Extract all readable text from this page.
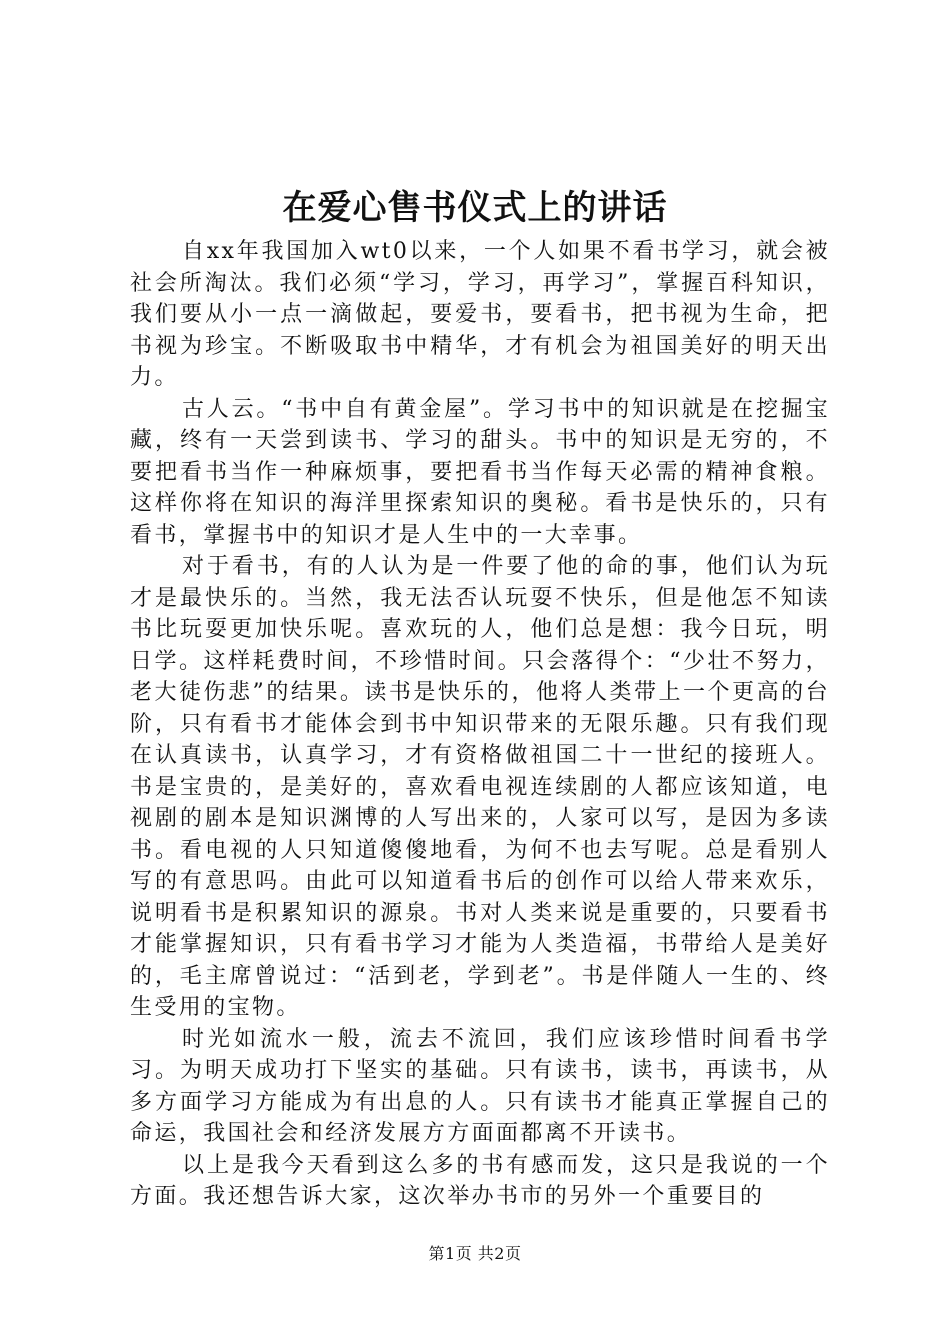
在爱心售书仪式上的讲话

自xx年我国加入wt0以来，一个人如果不看书学习，就会被社会所淘汰。我们必须“学习，学习，再学习”，掌握百科知识，我们要从小一点一滴做起，要爱书，要看书，把书视为生命，把书视为珍宝。不断吸取书中精华，才有机会为祖国美好的明天出力。

古人云。“书中自有黄金屋”。学习书中的知识就是在挖掘宝藏，终有一天尝到读书、学习的甜头。书中的知识是无穷的，不要把看书当作一种麻烦事，要把看书当作每天必需的精神食粮。这样你将在知识的海洋里探索知识的奥秘。看书是快乐的，只有看书，掌握书中的知识才是人生中的一大幸事。

对于看书，有的人认为是一件要了他的命的事，他们认为玩才是最快乐的。当然，我无法否认玩耍不快乐，但是他怎不知读书比玩耍更加快乐呢。喜欢玩的人，他们总是想：我今日玩，明日学。这样耗费时间，不珍惜时间。只会落得个：“少壮不努力，老大徒伤悲”的结果。读书是快乐的，他将人类带上一个更高的台阶，只有看书才能体会到书中知识带来的无限乐趣。只有我们现在认真读书，认真学习，才有资格做祖国二十一世纪的接班人。书是宝贵的，是美好的，喜欢看电视连续剧的人都应该知道，电视剧的剧本是知识渊博的人写出来的，人家可以写，是因为多读书。看电视的人只知道傻傻地看，为何不也去写呢。总是看别人写的有意思吗。由此可以知道看书后的创作可以给人带来欢乐，说明看书是积累知识的源泉。书对人类来说是重要的，只要看书才能掌握知识，只有看书学习才能为人类造福，书带给人是美好的，毛主席曾说过：“活到老，学到老”。书是伴随人一生的、终生受用的宝物。

时光如流水一般，流去不流回，我们应该珍惜时间看书学习。为明天成功打下坚实的基础。只有读书，读书，再读书，从多方面学习方能成为有出息的人。只有读书才能真正掌握自己的命运，我国社会和经济发展方方面面都离不开读书。

以上是我今天看到这么多的书有感而发，这只是我说的一个方面。我还想告诉大家，这次举办书市的另外一个重要目的

第1页 共2页
